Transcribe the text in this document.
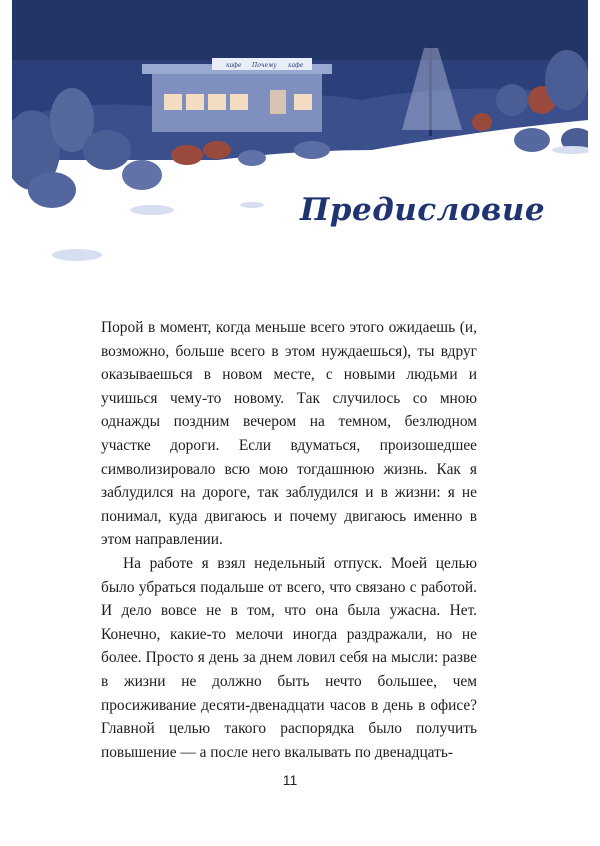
кафе Почему кафе
Предисловие

Порой в момент, когда меньше всего этого ожидаешь (и, возможно, больше всего в этом нуждаешься), ты вдруг оказываешься в новом месте, с новыми людьми и учишься чему-то новому. Так случилось со мною однажды поздним вечером на темном, безлюдном участке дороги. Если вдуматься, произошедшее символизировало всю мою тогдашнюю жизнь. Как я заблудился на дороге, так заблудился и в жизни: я не понимал, куда двигаюсь и почему двигаюсь именно в этом направлении.

На работе я взял недельный отпуск. Моей целью было убраться подальше от всего, что связано с работой. И дело вовсе не в том, что она была ужасна. Нет. Конечно, какие-то мелочи иногда раздражали, но не более. Просто я день за днем ловил себя на мысли: разве в жизни не должно быть нечто большее, чем просиживание десяти-двенадцати часов в день в офисе? Главной целью такого распорядка было получить повышение — а после него вкалывать по двенадцать-

11
